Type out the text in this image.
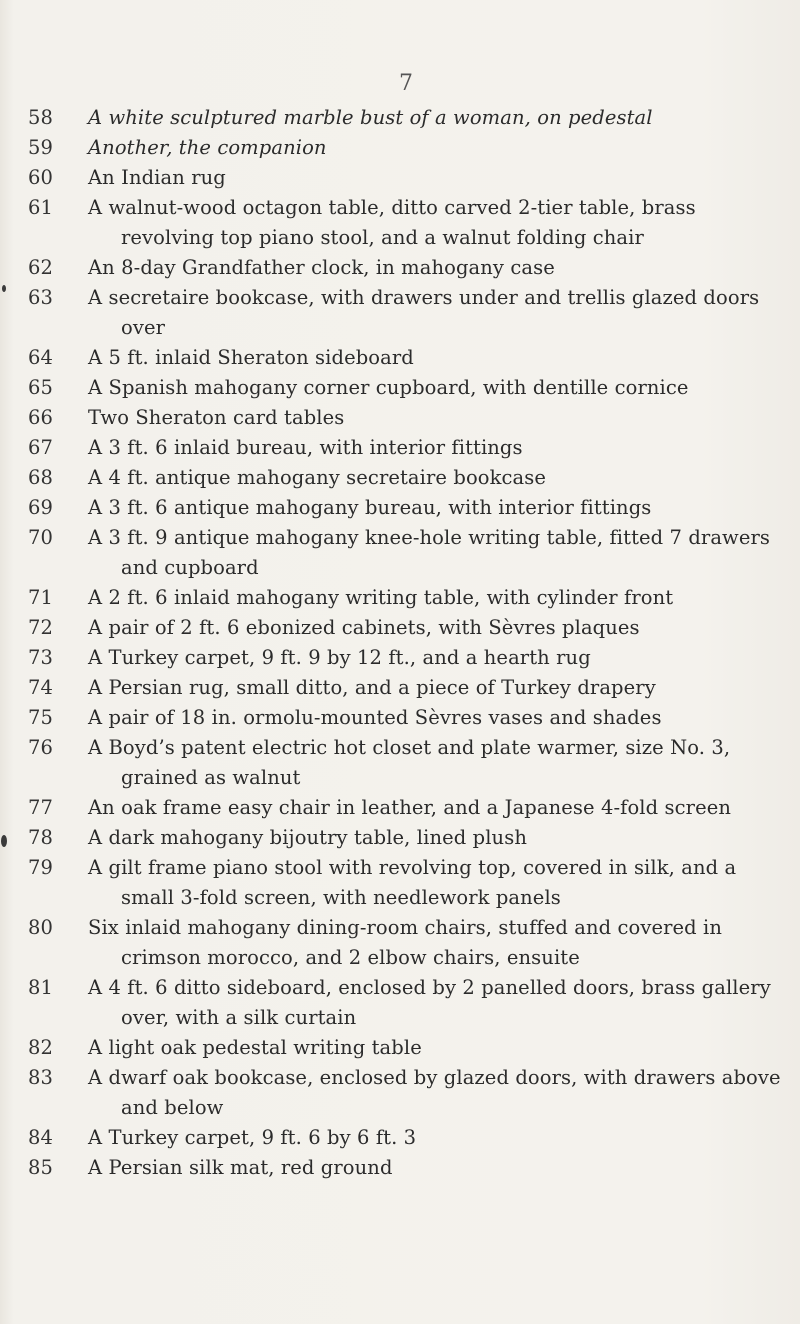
7
58	A white sculptured marble bust of a woman, on pedestal
59	Another, the companion
60	An Indian rug
61	A walnut-wood octagon table, ditto carved 2-tier table, brass revolving top piano stool, and a walnut folding chair
62	An 8-day Grandfather clock, in mahogany case
63	A secretaire bookcase, with drawers under and trellis glazed doors over
64	A 5 ft. inlaid Sheraton sideboard
65	A Spanish mahogany corner cupboard, with dentille cornice
66	Two Sheraton card tables
67	A 3 ft. 6 inlaid bureau, with interior fittings
68	A 4 ft. antique mahogany secretaire bookcase
69	A 3 ft. 6 antique mahogany bureau, with interior fittings
70	A 3 ft. 9 antique mahogany knee-hole writing table, fitted 7 drawers and cupboard
71	A 2 ft. 6 inlaid mahogany writing table, with cylinder front
72	A pair of 2 ft. 6 ebonized cabinets, with Sèvres plaques
73	A Turkey carpet, 9 ft. 9 by 12 ft., and a hearth rug
74	A Persian rug, small ditto, and a piece of Turkey drapery
75	A pair of 18 in. ormolu-mounted Sèvres vases and shades
76	A Boyd’s patent electric hot closet and plate warmer, size No. 3, grained as walnut
77	An oak frame easy chair in leather, and a Japanese 4-fold screen
78	A dark mahogany bijoutry table, lined plush
79	A gilt frame piano stool with revolving top, covered in silk, and a small 3-fold screen, with needlework panels
80	Six inlaid mahogany dining-room chairs, stuffed and covered in crimson morocco, and 2 elbow chairs, ensuite
81	A 4 ft. 6 ditto sideboard, enclosed by 2 panelled doors, brass gallery over, with a silk curtain
82	A light oak pedestal writing table
83	A dwarf oak bookcase, enclosed by glazed doors, with drawers above and below
84	A Turkey carpet, 9 ft. 6 by 6 ft. 3
85	A Persian silk mat, red ground
